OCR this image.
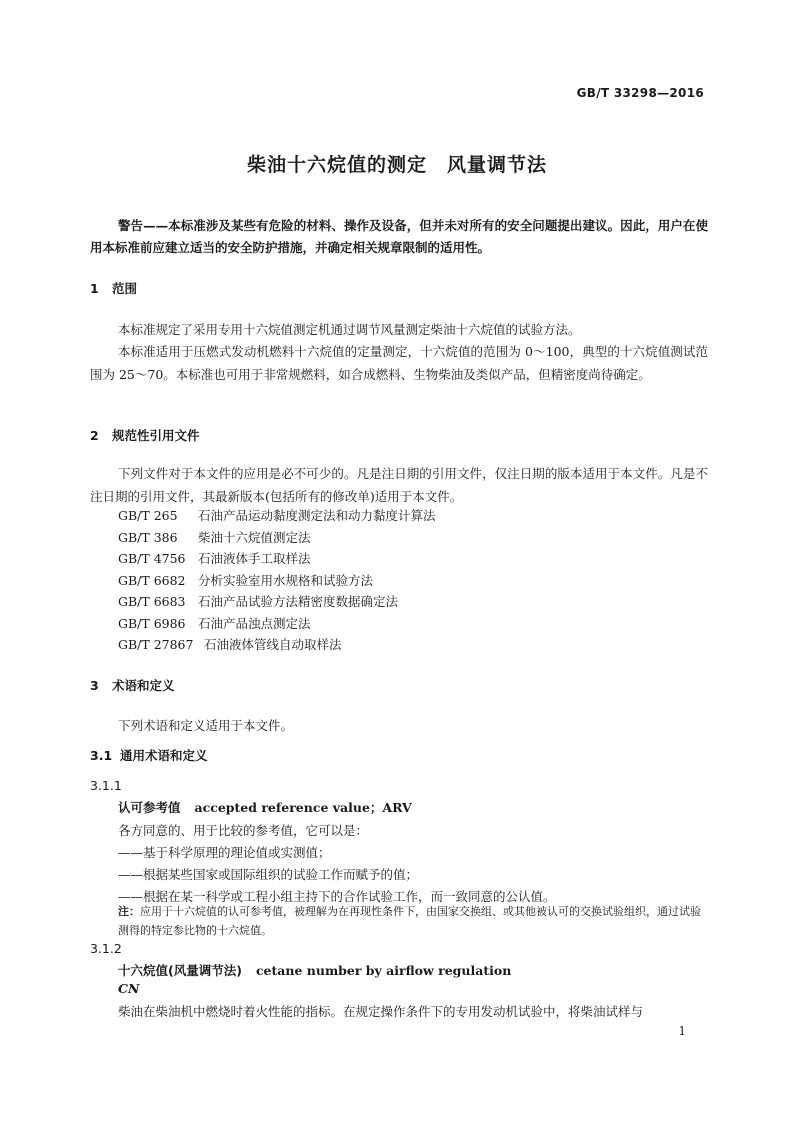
GB/T 33298—2016
柴油十六烷值的测定　风量调节法
警告——本标准涉及某些有危险的材料、操作及设备，但并未对所有的安全问题提出建议。因此，用户在使用本标准前应建立适当的安全防护措施，并确定相关规章限制的适用性。
1 范围
本标准规定了采用专用十六烷值测定机通过调节风量测定柴油十六烷值的试验方法。
本标准适用于压燃式发动机燃料十六烷值的定量测定，十六烷值的范围为 0～100，典型的十六烷值测试范围为 25～70。本标准也可用于非常规燃料，如合成燃料、生物柴油及类似产品，但精密度尚待确定。
2 规范性引用文件
下列文件对于本文件的应用是必不可少的。凡是注日期的引用文件，仅注日期的版本适用于本文件。凡是不注日期的引用文件，其最新版本(包括所有的修改单)适用于本文件。
GB/T 265 石油产品运动黏度测定法和动力黏度计算法
GB/T 386 柴油十六烷值测定法
GB/T 4756 石油液体手工取样法
GB/T 6682 分析实验室用水规格和试验方法
GB/T 6683 石油产品试验方法精密度数据确定法
GB/T 6986 石油产品浊点测定法
GB/T 27867 石油液体管线自动取样法
3 术语和定义
下列术语和定义适用于本文件。
3.1 通用术语和定义
3.1.1
认可参考值 accepted reference value；ARV
各方同意的、用于比较的参考值，它可以是：
——基于科学原理的理论值或实测值；
——根据某些国家或国际组织的试验工作而赋予的值；
——根据在某一科学或工程小组主持下的合作试验工作，而一致同意的公认值。
注：应用于十六烷值的认可参考值，被理解为在再现性条件下，由国家交换组、或其他被认可的交换试验组织，通过试验测得的特定参比物的十六烷值。
3.1.2
十六烷值(风量调节法) cetane number by airflow regulation
CN
柴油在柴油机中燃烧时着火性能的指标。在规定操作条件下的专用发动机试验中，将柴油试样与
1
